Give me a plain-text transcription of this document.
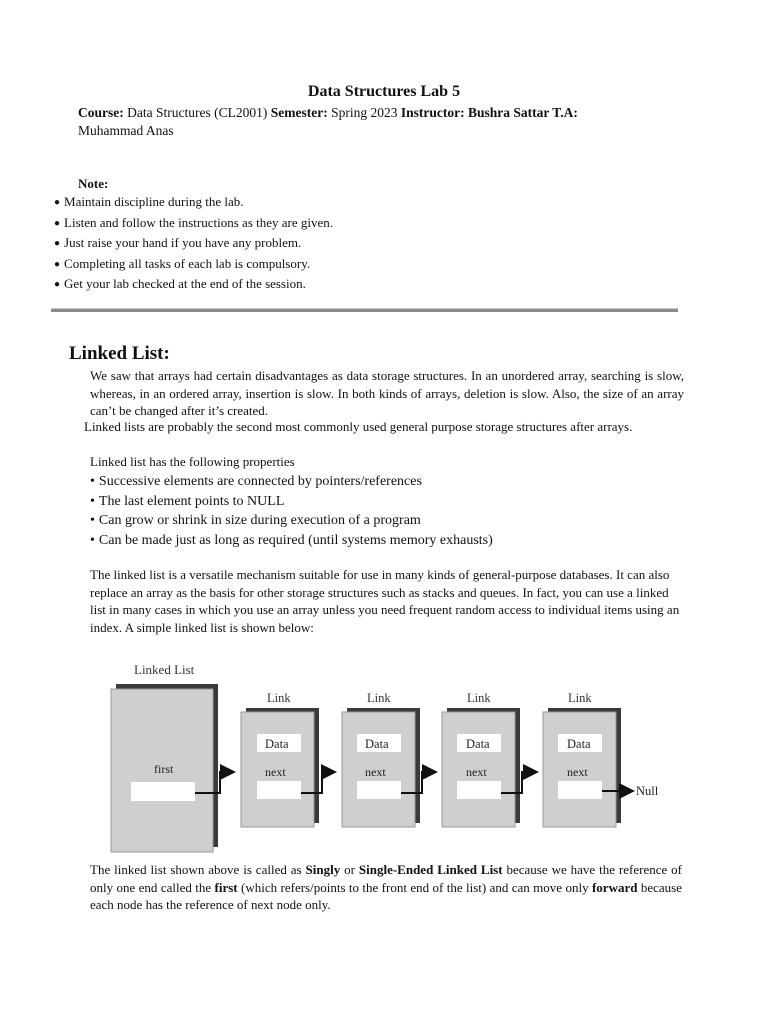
Data Structures Lab 5
Course: Data Structures (CL2001) Semester: Spring 2023 Instructor: Bushra Sattar T.A:
Muhammad Anas
Note:
● Maintain discipline during the lab.
● Listen and follow the instructions as they are given.
● Just raise your hand if you have any problem.
● Completing all tasks of each lab is compulsory.
● Get your lab checked at the end of the session.
Linked List:
We saw that arrays had certain disadvantages as data storage structures. In an unordered array, searching is slow, whereas, in an ordered array, insertion is slow. In both kinds of arrays, deletion is slow. Also, the size of an array can’t be changed after it’s created.
Linked lists are probably the second most commonly used general purpose storage structures after arrays.
Linked list has the following properties
• Successive elements are connected by pointers/references
• The last element points to NULL
• Can grow or shrink in size during execution of a program
• Can be made just as long as required (until systems memory exhausts)
The linked list is a versatile mechanism suitable for use in many kinds of general-purpose databases. It can also replace an array as the basis for other storage structures such as stacks and queues. In fact, you can use a linked list in many cases in which you use an array unless you need frequent random access to individual items using an index. A simple linked list is shown below:
Linked List
first
Link
Data
next
Link
Data
next
Link
Data
next
Link
Data
next
Null
The linked list shown above is called as Singly or Single-Ended Linked List because we have the reference of only one end called the first (which refers/points to the front end of the list) and can move only forward because each node has the reference of next node only.
